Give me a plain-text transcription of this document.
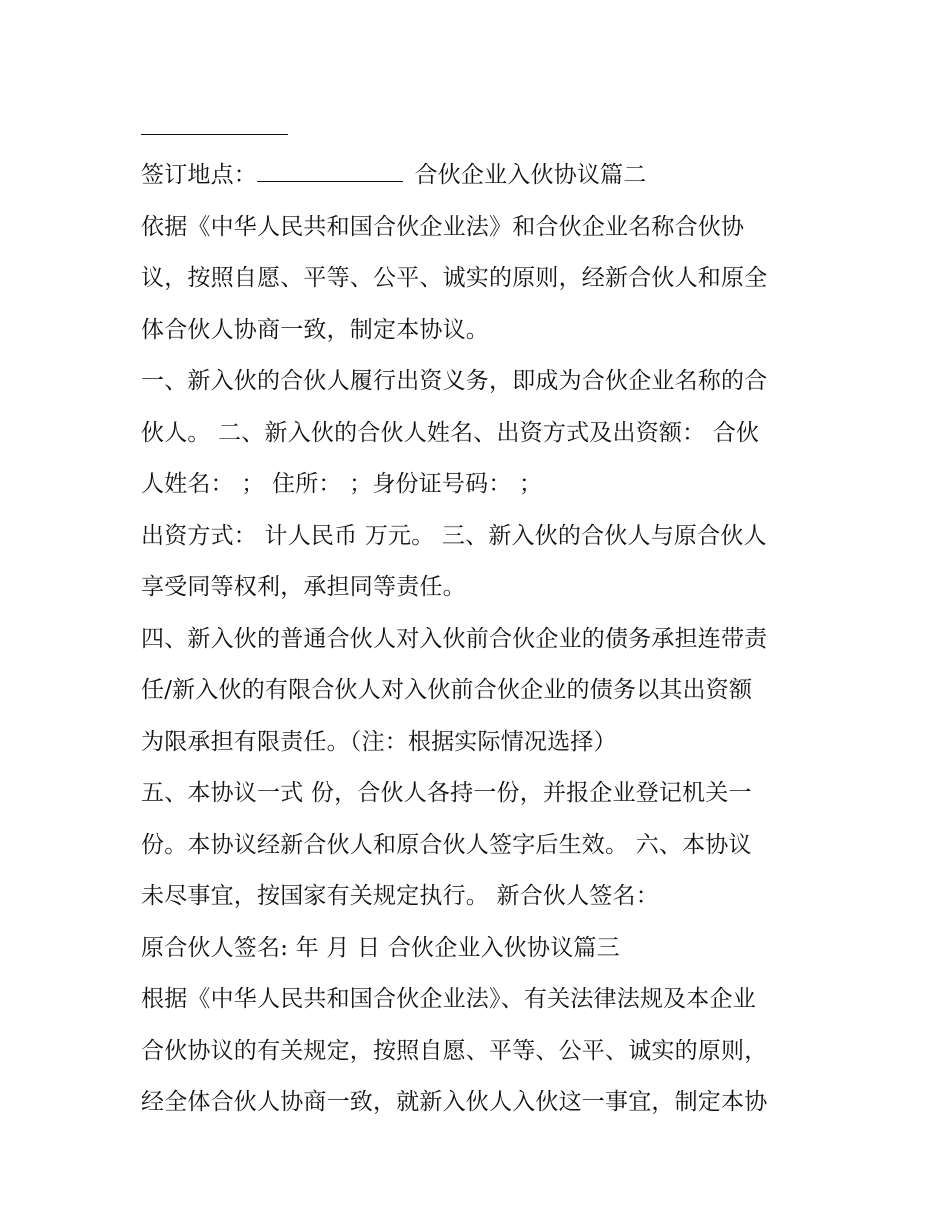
签订地点：	合伙企业入伙协议篇二
依据《中华人民共和国合伙企业法》和合伙企业名称合伙协
议，按照自愿、平等、公平、诚实的原则，经新合伙人和原全
体合伙人协商一致，制定本协议。
一、新入伙的合伙人履行出资义务，即成为合伙企业名称的合
伙人。 二、新入伙的合伙人姓名、出资方式及出资额： 合伙
人姓名： ； 住所： ；身份证号码： ；
出资方式： 计人民币 万元。 三、新入伙的合伙人与原合伙人
享受同等权利，承担同等责任。
四、新入伙的普通合伙人对入伙前合伙企业的债务承担连带责
任/新入伙的有限合伙人对入伙前合伙企业的债务以其出资额
为限承担有限责任。（注：根据实际情况选择）
五、本协议一式 份，合伙人各持一份，并报企业登记机关一
份。本协议经新合伙人和原合伙人签字后生效。 六、本协议
未尽事宜，按国家有关规定执行。 新合伙人签名：
原合伙人签名: 年 月 日 合伙企业入伙协议篇三
根据《中华人民共和国合伙企业法》、有关法律法规及本企业
合伙协议的有关规定，按照自愿、平等、公平、诚实的原则，
经全体合伙人协商一致，就新入伙人入伙这一事宜，制定本协
